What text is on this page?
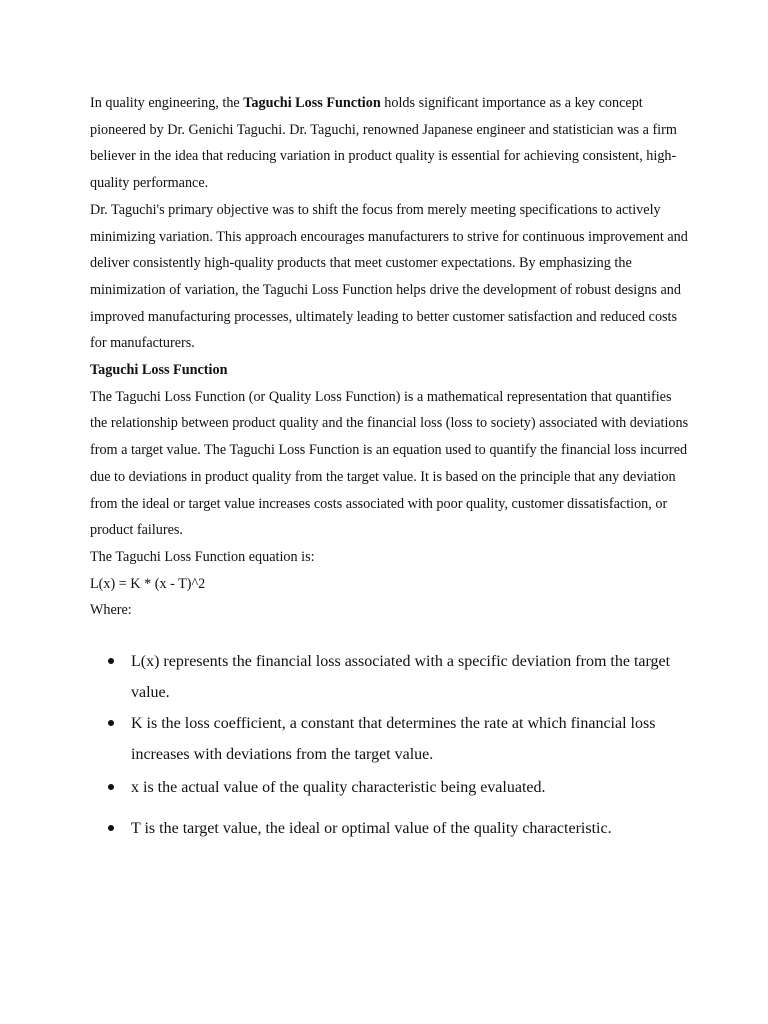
In quality engineering, the Taguchi Loss Function holds significant importance as a key concept pioneered by Dr. Genichi Taguchi. Dr. Taguchi, renowned Japanese engineer and statistician was a firm believer in the idea that reducing variation in product quality is essential for achieving consistent, high-quality performance.

Dr. Taguchi's primary objective was to shift the focus from merely meeting specifications to actively minimizing variation. This approach encourages manufacturers to strive for continuous improvement and deliver consistently high-quality products that meet customer expectations. By emphasizing the minimization of variation, the Taguchi Loss Function helps drive the development of robust designs and improved manufacturing processes, ultimately leading to better customer satisfaction and reduced costs for manufacturers.

Taguchi Loss Function

The Taguchi Loss Function (or Quality Loss Function) is a mathematical representation that quantifies the relationship between product quality and the financial loss (loss to society) associated with deviations from a target value. The Taguchi Loss Function is an equation used to quantify the financial loss incurred due to deviations in product quality from the target value. It is based on the principle that any deviation from the ideal or target value increases costs associated with poor quality, customer dissatisfaction, or product failures.

The Taguchi Loss Function equation is:

L(x) = K * (x - T)^2

Where:

L(x) represents the financial loss associated with a specific deviation from the target value.
K is the loss coefficient, a constant that determines the rate at which financial loss increases with deviations from the target value.
x is the actual value of the quality characteristic being evaluated.
T is the target value, the ideal or optimal value of the quality characteristic.
